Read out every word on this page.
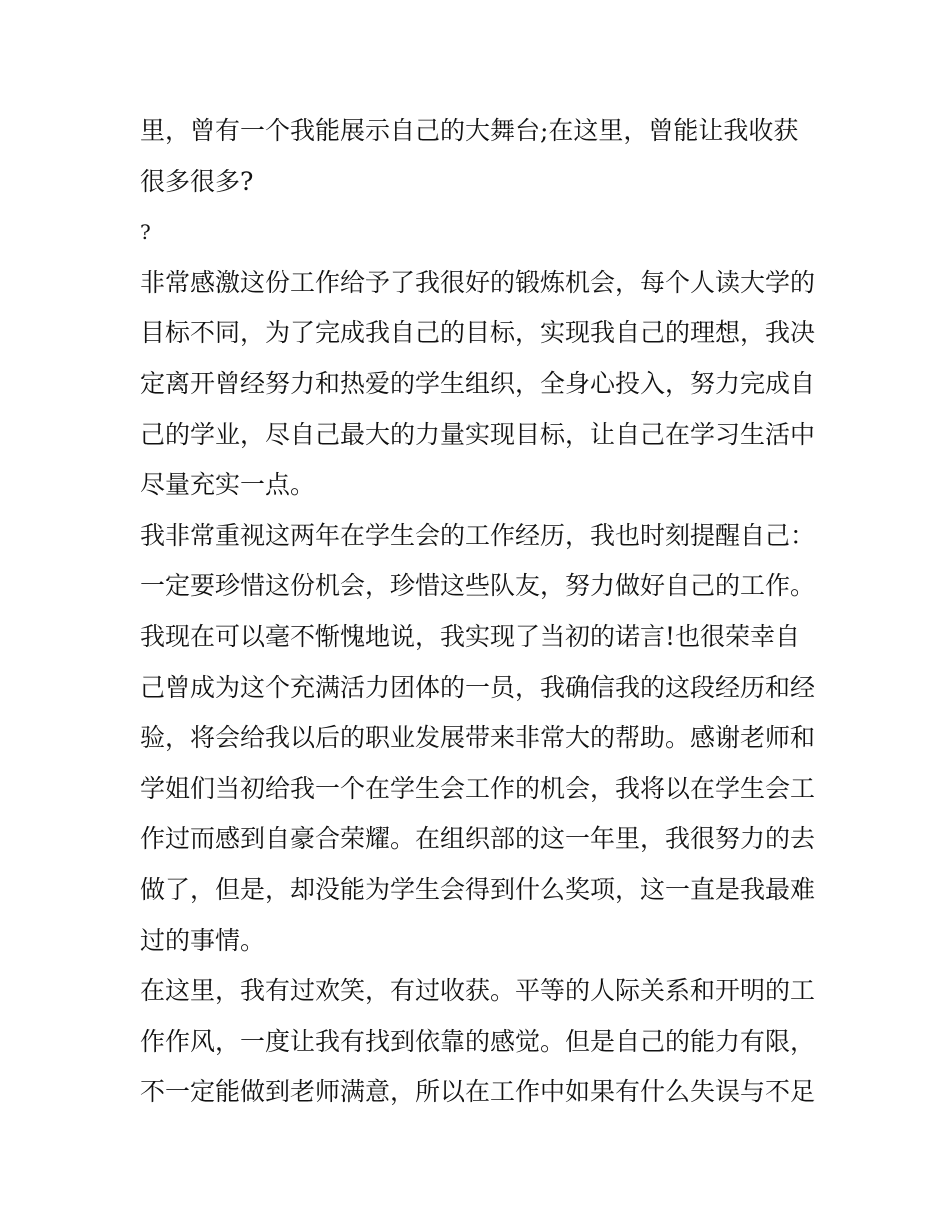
里，曾有一个我能展示自己的大舞台;在这里，曾能让我收获
很多很多?
?
非常感激这份工作给予了我很好的锻炼机会，每个人读大学的
目标不同，为了完成我自己的目标，实现我自己的理想，我决
定离开曾经努力和热爱的学生组织，全身心投入，努力完成自
己的学业，尽自己最大的力量实现目标，让自己在学习生活中
尽量充实一点。
我非常重视这两年在学生会的工作经历，我也时刻提醒自己：
一定要珍惜这份机会，珍惜这些队友，努力做好自己的工作。
我现在可以毫不惭愧地说，我实现了当初的诺言!也很荣幸自
己曾成为这个充满活力团体的一员，我确信我的这段经历和经
验，将会给我以后的职业发展带来非常大的帮助。感谢老师和
学姐们当初给我一个在学生会工作的机会，我将以在学生会工
作过而感到自豪合荣耀。在组织部的这一年里，我很努力的去
做了，但是，却没能为学生会得到什么奖项，这一直是我最难
过的事情。
在这里，我有过欢笑，有过收获。平等的人际关系和开明的工
作作风，一度让我有找到依靠的感觉。但是自己的能力有限，
不一定能做到老师满意，所以在工作中如果有什么失误与不足
